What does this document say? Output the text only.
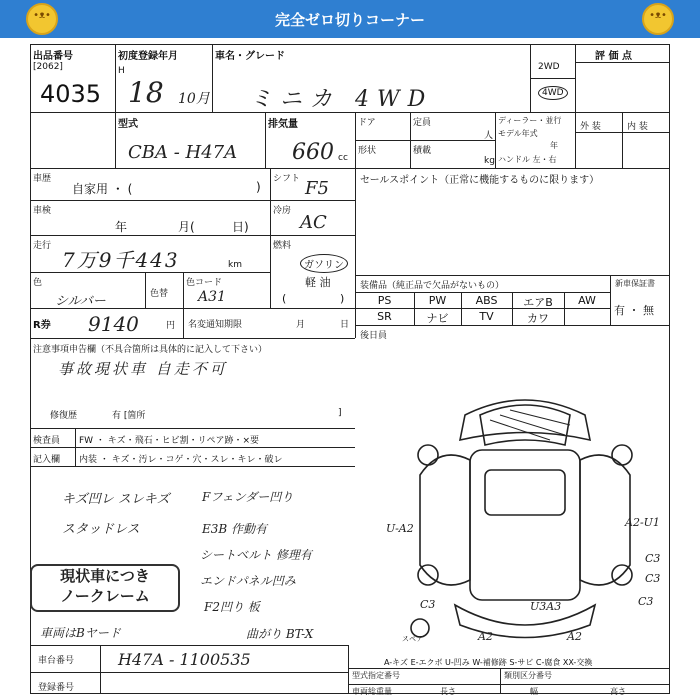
完全ゼロ切りコーナー
•ᴥ•	•ᴥ•
出品番号
[2062]
4035
初度登録年月
H
18 10月
車名・グレード
ミニカ 4WD
2WD
4WD
評 価 点
型式
CBA - H47A
排気量
660 cc
ドア	定員
人
形状	積載
kg
ディーラー・並行
モデル年式
年
ハンドル 左・右
外 装	内 装
車歴
自家用 ・ (	)
シフト F5
車検
年	月(	日)
冷房
AC
走行
7万9千443	km
燃料
ガソリン
軽 油
(	)
色
シルバー	色替
色コード
A31
R券 9140	円 名変通知期限	月	日
セールスポイント（正常に機能するものに限ります）
装備品（純正品で欠品がないもの）	新車保証書
有 ・ 無
PS	PW	ABS	エアB	AW
SR	ナビ	TV	カワ
後日員
注意事項申告欄（不具合箇所は具体的に記入して下さい）
事故現状車 自走不可
修復歴	有 [箇所	]
検査員
記入欄
FW ・ キズ・飛石・ヒビ割・リペア跡・×要
内装 ・ キズ・汚レ・コゲ・穴・スレ・キレ・破レ
キズ凹レ スレキズ
スタッドレス
Fフェンダー凹り
E3B 作動有
シートベルト 修理有
エンドパネル凹み
F2凹り 板
曲がり BT-X
車両はBヤード
現状車につき
ノークレーム
U-A2	A2-U1
C3
C3
C3
U3A3
A2	A2
C3
スペア
A-キズ E-エクボ U-凹み W-補修跡 S-サビ C-腐食 XX-交換
車台番号	H47A - 1100535
登録番号
型式指定番号	類別区分番号
車両総重量	長さ	幅	高さ
